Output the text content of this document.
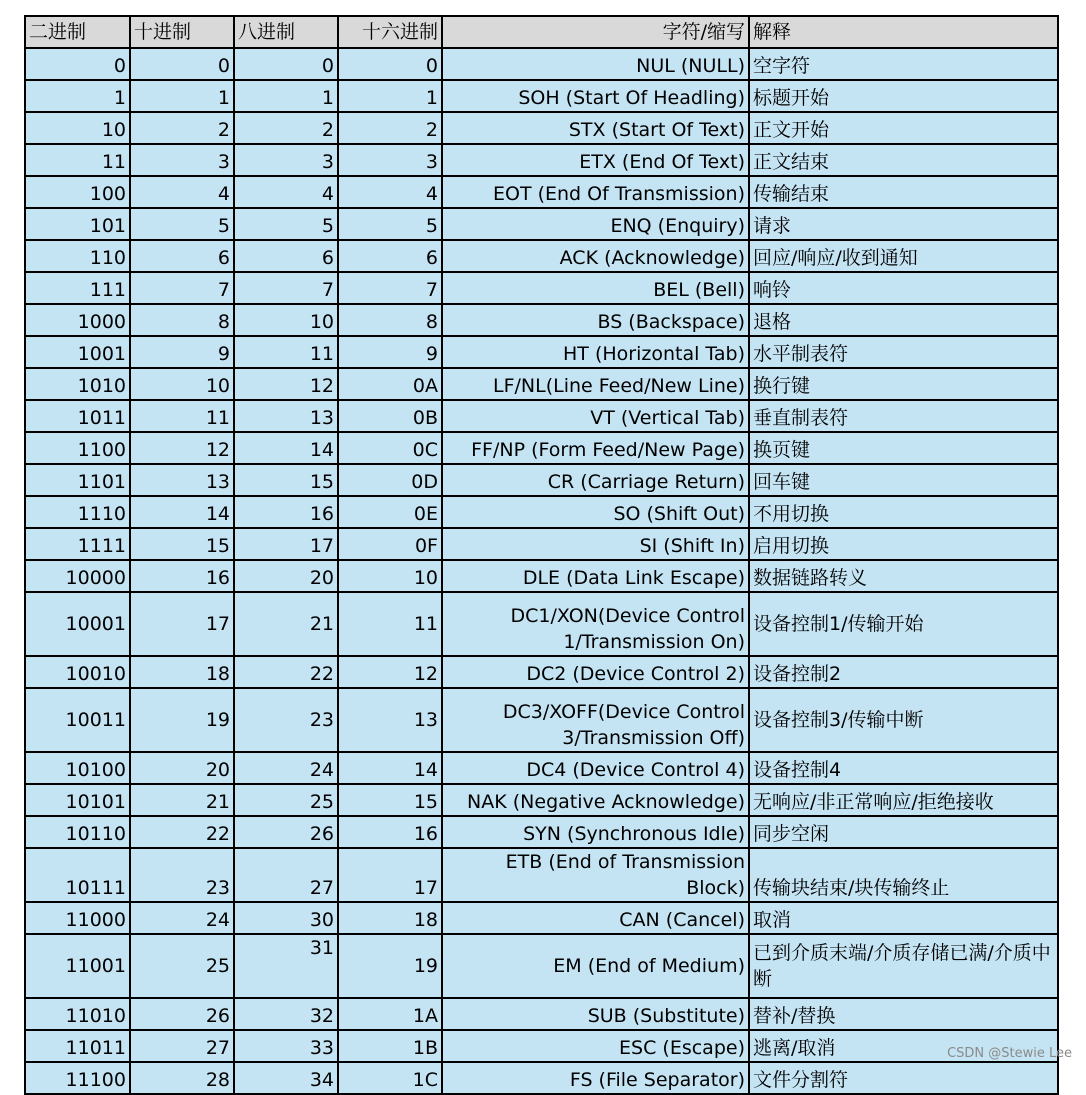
二进制	十进制	八进制	十六进制	字符/缩写	解释
0	0	0	0	NUL (NULL)	空字符
1	1	1	1	SOH (Start Of Headling)	标题开始
10	2	2	2	STX (Start Of Text)	正文开始
11	3	3	3	ETX (End Of Text)	正文结束
100	4	4	4	EOT (End Of Transmission)	传输结束
101	5	5	5	ENQ (Enquiry)	请求
110	6	6	6	ACK (Acknowledge)	回应/响应/收到通知
111	7	7	7	BEL (Bell)	响铃
1000	8	10	8	BS (Backspace)	退格
1001	9	11	9	HT (Horizontal Tab)	水平制表符
1010	10	12	0A	LF/NL(Line Feed/New Line)	换行键
1011	11	13	0B	VT (Vertical Tab)	垂直制表符
1100	12	14	0C	FF/NP (Form Feed/New Page)	换页键
1101	13	15	0D	CR (Carriage Return)	回车键
1110	14	16	0E	SO (Shift Out)	不用切换
1111	15	17	0F	SI (Shift In)	启用切换
10000	16	20	10	DLE (Data Link Escape)	数据链路转义
10001	17	21	11	DC1/XON(Device Control 1/Transmission On)	设备控制1/传输开始
10010	18	22	12	DC2 (Device Control 2)	设备控制2
10011	19	23	13	DC3/XOFF(Device Control 3/Transmission Off)	设备控制3/传输中断
10100	20	24	14	DC4 (Device Control 4)	设备控制4
10101	21	25	15	NAK (Negative Acknowledge)	无响应/非正常响应/拒绝接收
10110	22	26	16	SYN (Synchronous Idle)	同步空闲
10111	23	27	17	ETB (End of Transmission Block)	传输块结束/块传输终止
11000	24	30	18	CAN (Cancel)	取消
11001	25	31	19	EM (End of Medium)	已到介质末端/介质存储已满/介质中断
11010	26	32	1A	SUB (Substitute)	替补/替换
11011	27	33	1B	ESC (Escape)	逃离/取消
11100	28	34	1C	FS (File Separator)	文件分割符
CSDN @Stewie Lee
